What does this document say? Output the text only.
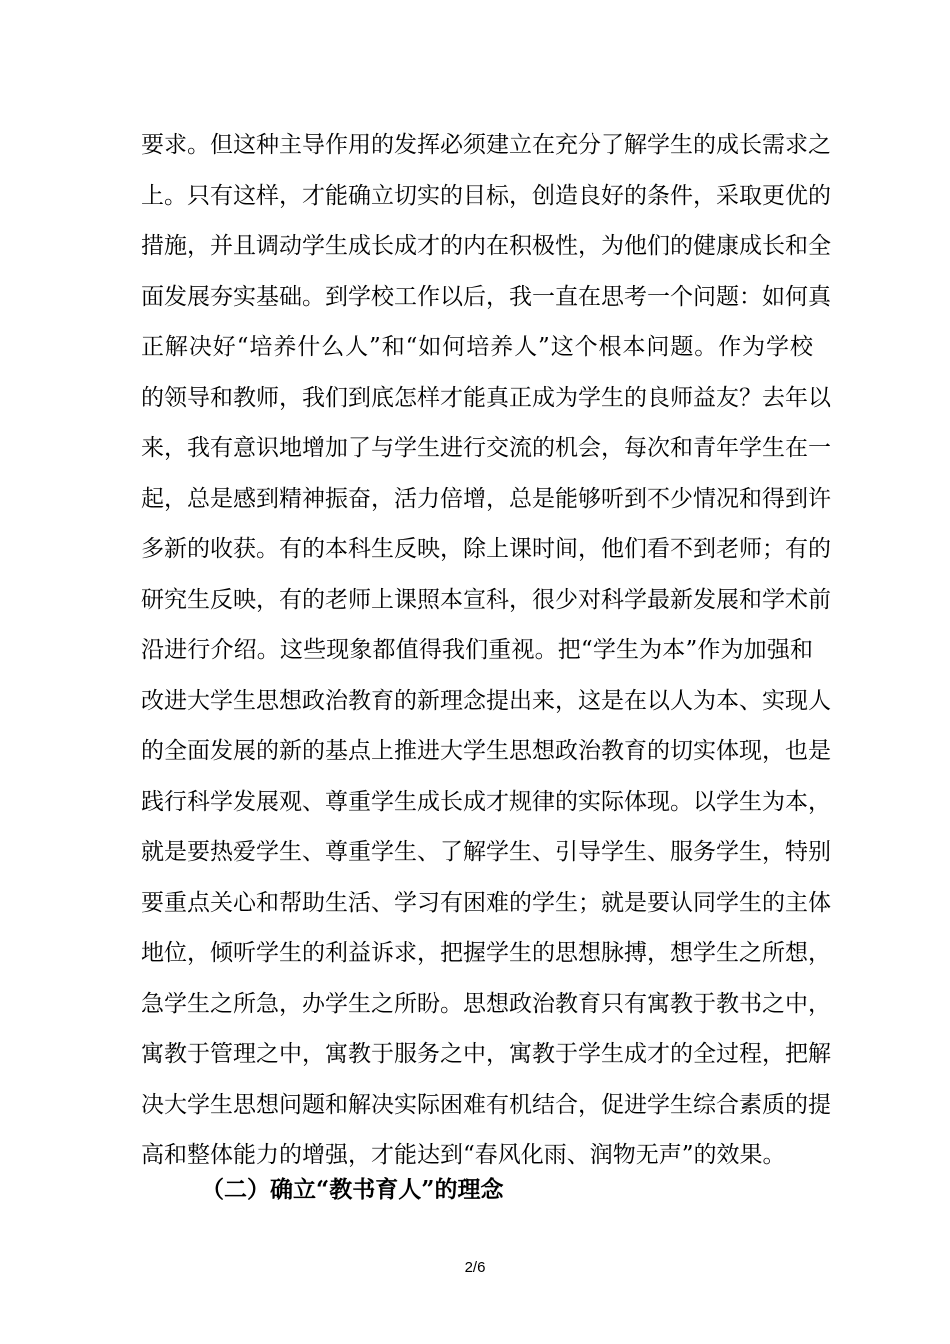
要求。但这种主导作用的发挥必须建立在充分了解学生的成长需求之
上。只有这样，才能确立切实的目标，创造良好的条件，采取更优的
措施，并且调动学生成长成才的内在积极性，为他们的健康成长和全
面发展夯实基础。到学校工作以后，我一直在思考一个问题：如何真
正解决好“培养什么人”和“如何培养人”这个根本问题。作为学校
的领导和教师，我们到底怎样才能真正成为学生的良师益友？去年以
来，我有意识地增加了与学生进行交流的机会，每次和青年学生在一
起，总是感到精神振奋，活力倍增，总是能够听到不少情况和得到许
多新的收获。有的本科生反映，除上课时间，他们看不到老师；有的
研究生反映，有的老师上课照本宣科，很少对科学最新发展和学术前
沿进行介绍。这些现象都值得我们重视。把“学生为本”作为加强和
改进大学生思想政治教育的新理念提出来，这是在以人为本、实现人
的全面发展的新的基点上推进大学生思想政治教育的切实体现，也是
践行科学发展观、尊重学生成长成才规律的实际体现。以学生为本，
就是要热爱学生、尊重学生、了解学生、引导学生、服务学生，特别
要重点关心和帮助生活、学习有困难的学生；就是要认同学生的主体
地位，倾听学生的利益诉求，把握学生的思想脉搏，想学生之所想，
急学生之所急，办学生之所盼。思想政治教育只有寓教于教书之中，
寓教于管理之中，寓教于服务之中，寓教于学生成才的全过程，把解
决大学生思想问题和解决实际困难有机结合，促进学生综合素质的提
高和整体能力的增强，才能达到“春风化雨、润物无声”的效果。
（二）确立“教书育人”的理念
2/6
